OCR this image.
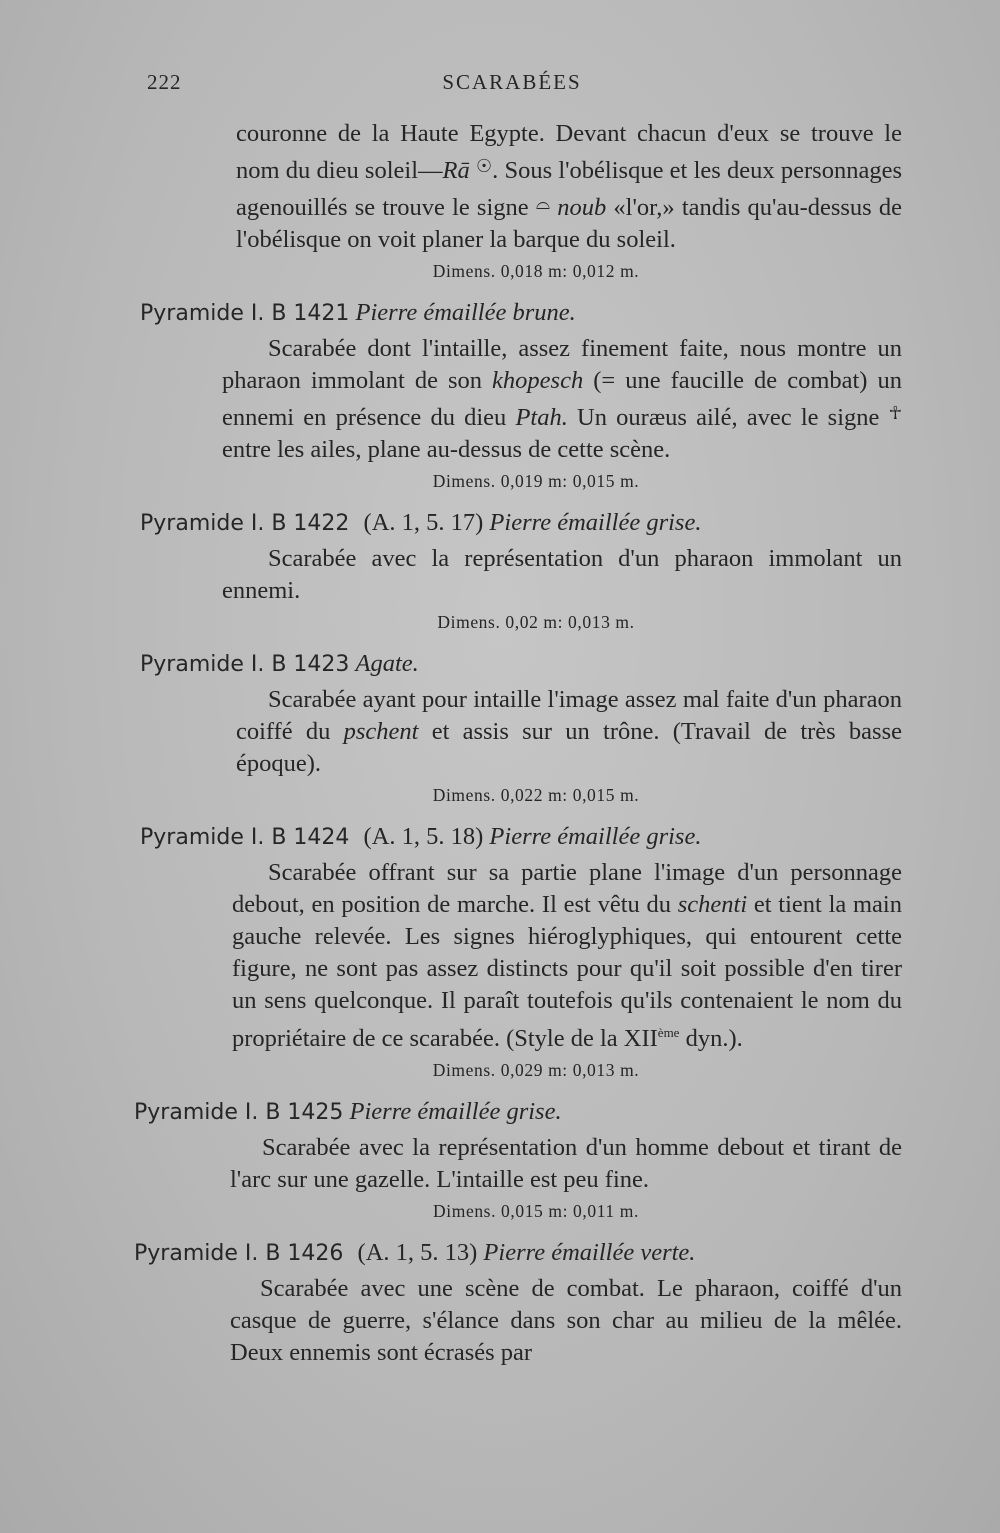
222	SCARABÉES

couronne de la Haute Egypte. Devant chacun d'eux se trouve le nom du dieu soleil—Rā ☉. Sous l'obélisque et les deux personnages agenouillés se trouve le signe ⌓ noub «l'or,» tandis qu'au-dessus de l'obélisque on voit planer la barque du soleil.

Dimens. 0,018 m: 0,012 m.

Pyramide I. B 1421 Pierre émaillée brune.

Scarabée dont l'intaille, assez finement faite, nous montre un pharaon immolant de son khopesch (= une faucille de combat) un ennemi en présence du dieu Ptah. Un ouræus ailé, avec le signe ☥ entre les ailes, plane au-dessus de cette scène.

Dimens. 0,019 m: 0,015 m.

Pyramide I. B 1422 (A. 1, 5. 17) Pierre émaillée grise.

Scarabée avec la représentation d'un pharaon immolant un ennemi.

Dimens. 0,02 m: 0,013 m.

Pyramide I. B 1423 Agate.

Scarabée ayant pour intaille l'image assez mal faite d'un pharaon coiffé du pschent et assis sur un trône. (Travail de très basse époque).

Dimens. 0,022 m: 0,015 m.

Pyramide I. B 1424 (A. 1, 5. 18) Pierre émaillée grise.

Scarabée offrant sur sa partie plane l'image d'un personnage debout, en position de marche. Il est vêtu du schenti et tient la main gauche relevée. Les signes hiéroglyphiques, qui entourent cette figure, ne sont pas assez distincts pour qu'il soit possible d'en tirer un sens quelconque. Il paraît toutefois qu'ils contenaient le nom du propriétaire de ce scarabée. (Style de la XIIème dyn.).

Dimens. 0,029 m: 0,013 m.

Pyramide I. B 1425 Pierre émaillée grise.

Scarabée avec la représentation d'un homme debout et tirant de l'arc sur une gazelle. L'intaille est peu fine.

Dimens. 0,015 m: 0,011 m.

Pyramide I. B 1426 (A. 1, 5. 13) Pierre émaillée verte.

Scarabée avec une scène de combat. Le pharaon, coiffé d'un casque de guerre, s'élance dans son char au milieu de la mêlée. Deux ennemis sont écrasés par
